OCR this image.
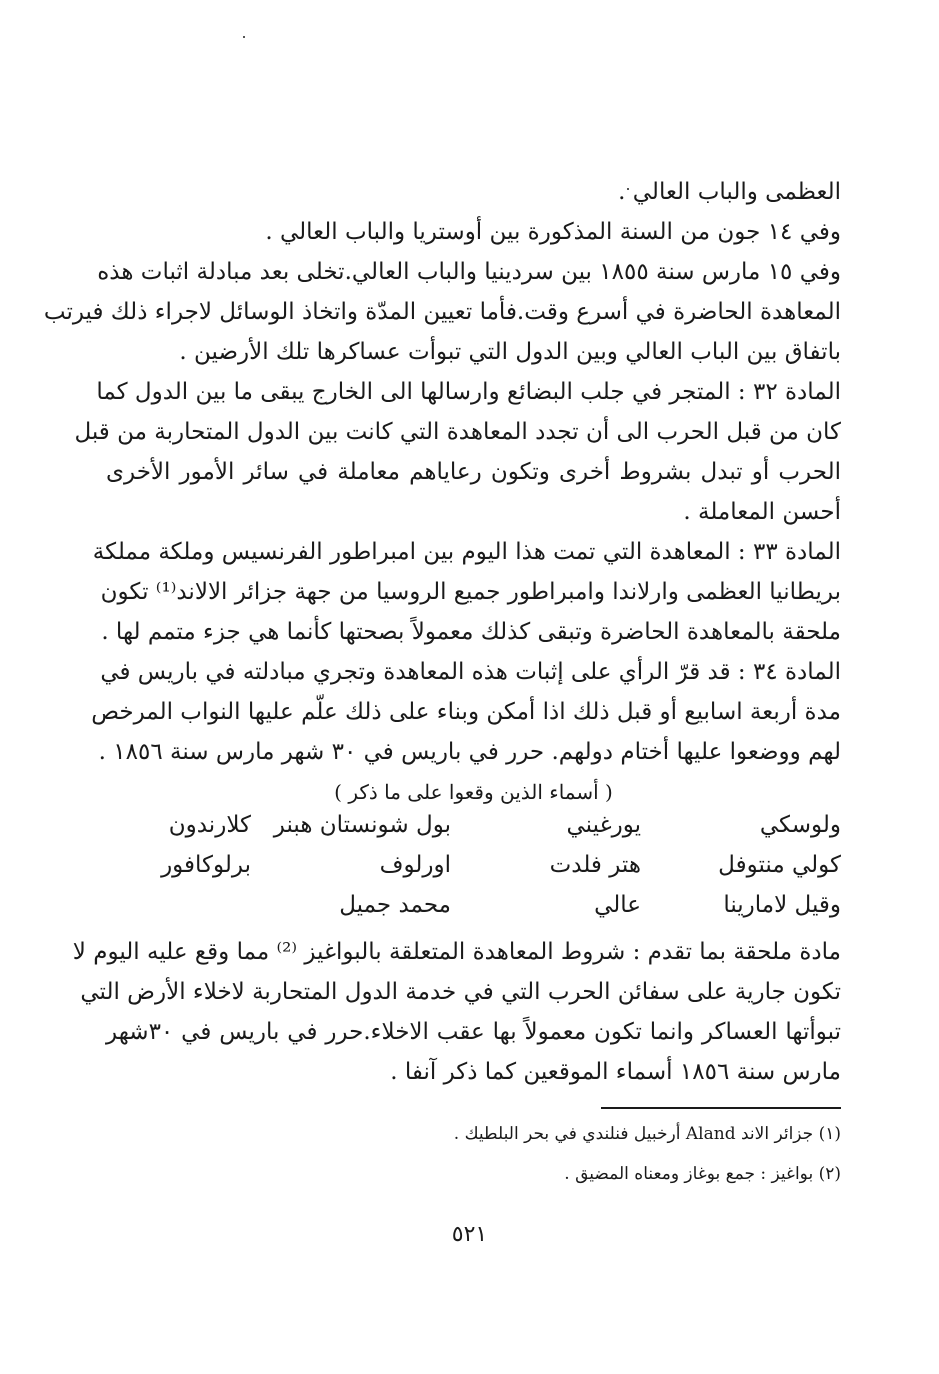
العظمى والباب العالي .
وفي ١٤ جون من السنة المذكورة بين أوستريا والباب العالي .
وفي ١٥ مارس سنة ١٨٥٥ بين سردينيا والباب العالي.تخلى بعد مبادلة اثبات هذه
المعاهدة الحاضرة في أسرع وقت.فأما تعيين المدّة واتخاذ الوسائل لاجراء ذلك فيرتب
باتفاق بين الباب العالي وبين الدول التي تبوأت عساكرها تلك الأرضين .
المادة ٣٢ : المتجر في جلب البضائع وارسالها الى الخارج يبقى ما بين الدول كما
كان من قبل الحرب الى أن تجدد المعاهدة التي كانت بين الدول المتحاربة من قبل
الحرب أو تبدل بشروط أخرى وتكون رعاياهم معاملة في سائر الأمور الأخرى
أحسن المعاملة .
المادة ٣٣ : المعاهدة التي تمت هذا اليوم بين امبراطور الفرنسيس وملكة مملكة
بريطانيا العظمى وارلاندا وامبراطور جميع الروسيا من جهة جزائر الالاند⁽¹⁾ تكون
ملحقة بالمعاهدة الحاضرة وتبقى كذلك معمولاً بصحتها كأنما هي جزء متمم لها .
المادة ٣٤ : قد قرّ الرأي على إثبات هذه المعاهدة وتجري مبادلته في باريس في
مدة أربعة اسابيع أو قبل ذلك اذا أمكن وبناء على ذلك علّم عليها النواب المرخص
لهم ووضعوا عليها أختام دولهم. حرر في باريس في ٣٠ شهر مارس سنة ١٨٥٦ .
( أسماء الذين وقعوا على ما ذكر )
ولوسكي
يورغيني
بول شونستان هبنر
كلارندون
كولي منتوفل
هتر فلدت
اورلوف
برلوكافور
وقيل لامارينا
عالي
محمد جميل
مادة ملحقة بما تقدم : شروط المعاهدة المتعلقة بالبواغيز ⁽²⁾ مما وقع عليه اليوم لا
تكون جارية على سفائن الحرب التي في خدمة الدول المتحاربة لاخلاء الأرض التي
تبوأتها العساكر وانما تكون معمولاً بها عقب الاخلاء.حرر في باريس في ٣٠شهر
مارس سنة ١٨٥٦ أسماء الموقعين كما ذكر آنفا .
(١) جزائر الاند Aland أرخبيل فنلندي في بحر البلطيك .
(٢) بواغيز : جمع بوغاز ومعناه المضيق .
٥٢١
